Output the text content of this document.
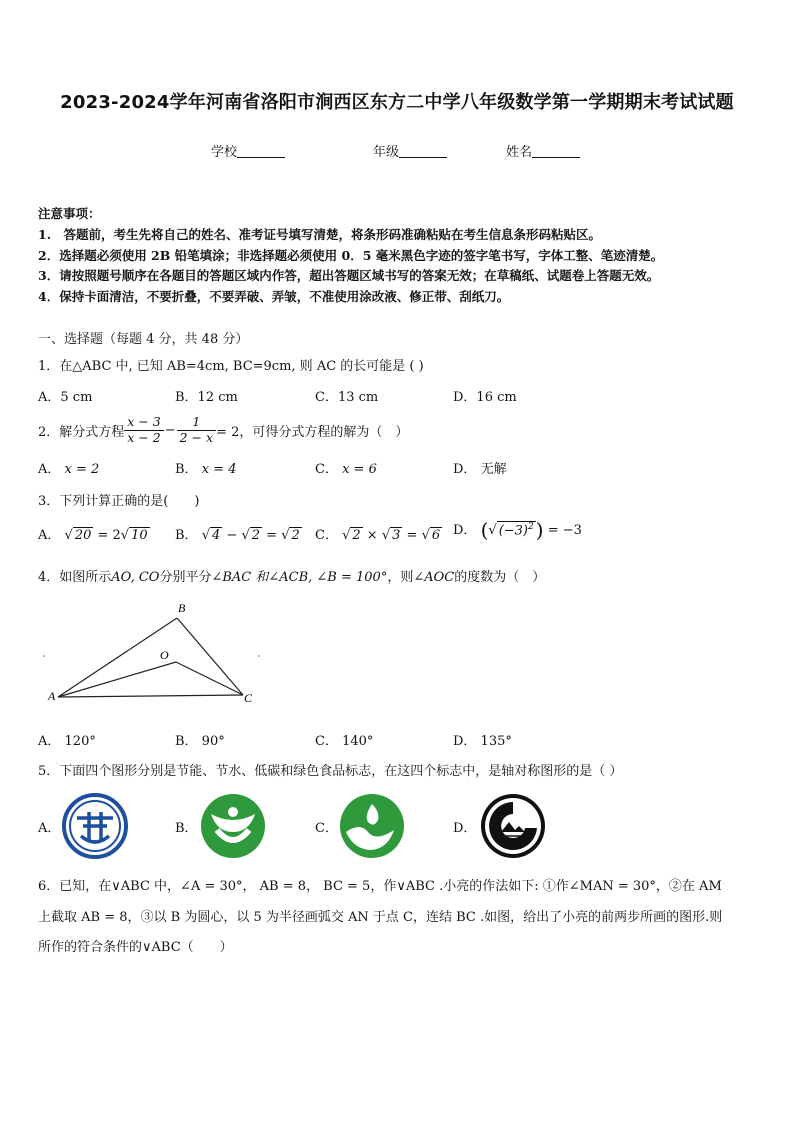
2023-2024学年河南省洛阳市涧西区东方二中学八年级数学第一学期期末考试试题
学校	年级	姓名
注意事项：
1.　答题前，考生先将自己的姓名、准考证号填写清楚，将条形码准确粘贴在考生信息条形码粘贴区。
2．选择题必须使用 2B 铅笔填涂；非选择题必须使用 0．5 毫米黑色字迹的签字笔书写，字体工整、笔迹清楚。
3．请按照题号顺序在各题目的答题区域内作答，超出答题区域书写的答案无效；在草稿纸、试题卷上答题无效。
4．保持卡面清洁，不要折叠，不要弄破、弄皱，不准使用涂改液、修正带、刮纸刀。
一、选择题（每题 4 分，共 48 分）
1．在△ABC 中, 已知 AB=4cm, BC=9cm, 则 AC 的长可能是 ( )
A．5 cm	B．12 cm	C．13 cm	D．16 cm
2．解分式方程 $\frac{x - 3}{x - 2} - \frac{1}{2 - x} = 2$，可得分式方程的解为（　）
A． x = 2	B． x = 4	C． x = 6	D． 无解
3．下列计算正确的是(　　)
A． √ 20 = 2√ 10 B． √ 4 − √ 2 = √ 2 C． √ 2 × √ 3 = √ 6 D． (√ $(-3)^2$ ) = −3
4．如图所示AO, CO分别平分∠BAC 和∠ACB, ∠B = 100°，则∠AOC的度数为（　）
B
O
A	C
A． 120°	B． 90°	C． 140°	D． 135°
5．下面四个图形分别是节能、节水、低碳和绿色食品标志，在这四个标志中，是轴对称图形的是（ ）
A．	B．	C．	D．
6．已知，在∨ABC 中，∠A = 30°， AB = 8， BC = 5，作∨ABC .小亮的作法如下: ①作∠MAN = 30°，②在 AM
上截取 AB = 8，③以 B 为圆心，以 5 为半径画弧交 AN 于点 C，连结 BC .如图，给出了小亮的前两步所画的图形.则
所作的符合条件的∨ABC（　　）
